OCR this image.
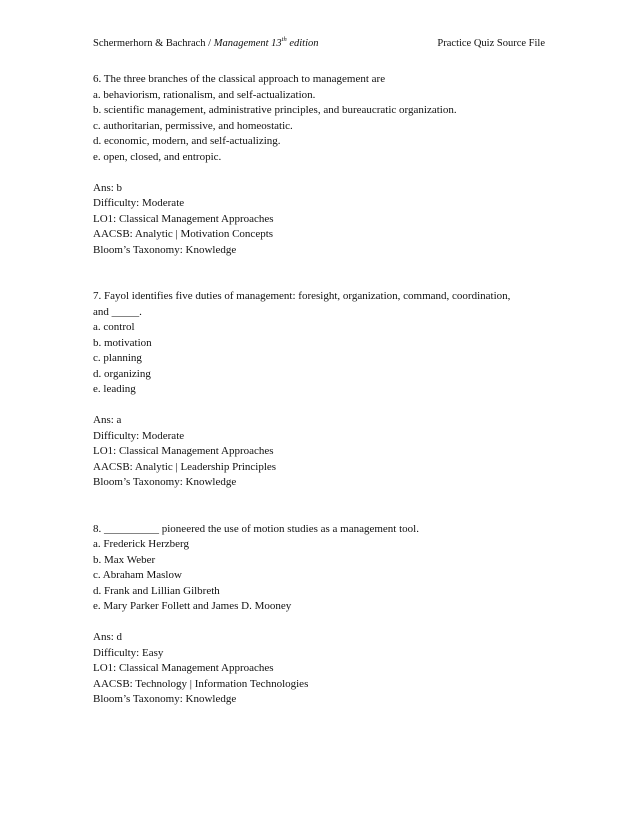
Schermerhorn & Bachrach / Management 13th edition	Practice Quiz Source File
6. The three branches of the classical approach to management are
a. behaviorism, rationalism, and self-actualization.
b. scientific management, administrative principles, and bureaucratic organization.
c. authoritarian, permissive, and homeostatic.
d. economic, modern, and self-actualizing.
e. open, closed, and entropic.
Ans: b
Difficulty: Moderate
LO1: Classical Management Approaches
AACSB: Analytic | Motivation Concepts
Bloom’s Taxonomy: Knowledge
7. Fayol identifies five duties of management: foresight, organization, command, coordination,
and _____.
a. control
b. motivation
c. planning
d. organizing
e. leading
Ans: a
Difficulty: Moderate
LO1: Classical Management Approaches
AACSB: Analytic | Leadership Principles
Bloom’s Taxonomy: Knowledge
8. __________ pioneered the use of motion studies as a management tool.
a. Frederick Herzberg
b. Max Weber
c. Abraham Maslow
d. Frank and Lillian Gilbreth
e. Mary Parker Follett and James D. Mooney
Ans: d
Difficulty: Easy
LO1: Classical Management Approaches
AACSB: Technology | Information Technologies
Bloom’s Taxonomy: Knowledge
